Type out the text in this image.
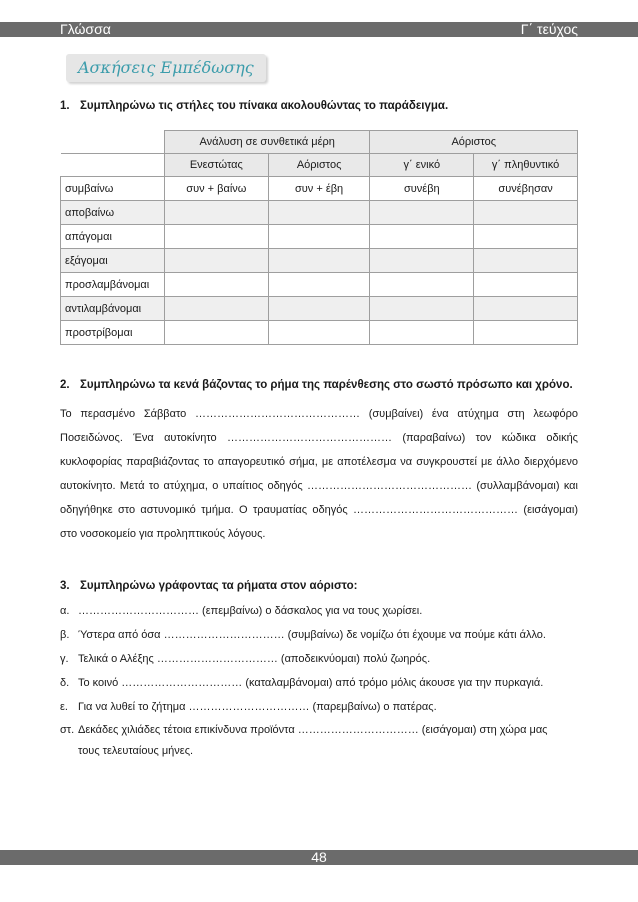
Γλώσσα	Γ΄ τεύχος
Ασκήσεις Εμπέδωσης
1. Συμπληρώνω τις στήλες του πίνακα ακολουθώντας το παράδειγμα.
	Ανάλυση σε συνθετικά μέρη		Αόριστος	
	Ενεστώτας	Αόριστος	γ΄ ενικό	γ΄ πληθυντικό
συμβαίνω	συν + βαίνω	συν + έβη	συνέβη	συνέβησαν
αποβαίνω				
απάγομαι				
εξάγομαι				
προσλαμβάνομαι				
αντιλαμβάνομαι				
προστρίβομαι				
2. Συμπληρώνω τα κενά βάζοντας το ρήμα της παρένθεσης στο σωστό πρόσωπο και χρόνο.
Το περασμένο Σάββατο ……………………………………… (συμβαίνει) ένα ατύχημα στη λεωφόρο Ποσειδώνος. Ένα αυτοκίνητο ……………………………………… (παραβαίνω) τον κώδικα οδικής κυκλοφορίας παραβιάζοντας το απαγορευτικό σήμα, με αποτέλεσμα να συγκρουστεί με άλλο διερχόμενο αυτοκίνητο. Μετά το ατύχημα, ο υπαίτιος οδηγός ……………………………………… (συλλαμβάνομαι) και οδηγήθηκε στο αστυνομικό τμήμα. Ο τραυματίας οδηγός ……………………………………… (εισάγομαι) στο νοσοκομείο για προληπτικούς λόγους.
3. Συμπληρώνω γράφοντας τα ρήματα στον αόριστο:
α. …………………………… (επεμβαίνω) ο δάσκαλος για να τους χωρίσει.
β. Ύστερα από όσα …………………………… (συμβαίνω) δε νομίζω ότι έχουμε να πούμε κάτι άλλο.
γ. Τελικά ο Αλέξης …………………………… (αποδεικνύομαι) πολύ ζωηρός.
δ. Το κοινό …………………………… (καταλαμβάνομαι) από τρόμο μόλις άκουσε για την πυρκαγιά.
ε. Για να λυθεί το ζήτημα …………………………… (παρεμβαίνω) ο πατέρας.
στ. Δεκάδες χιλιάδες τέτοια επικίνδυνα προϊόντα …………………………… (εισάγομαι) στη χώρα μας
τους τελευταίους μήνες.
48
